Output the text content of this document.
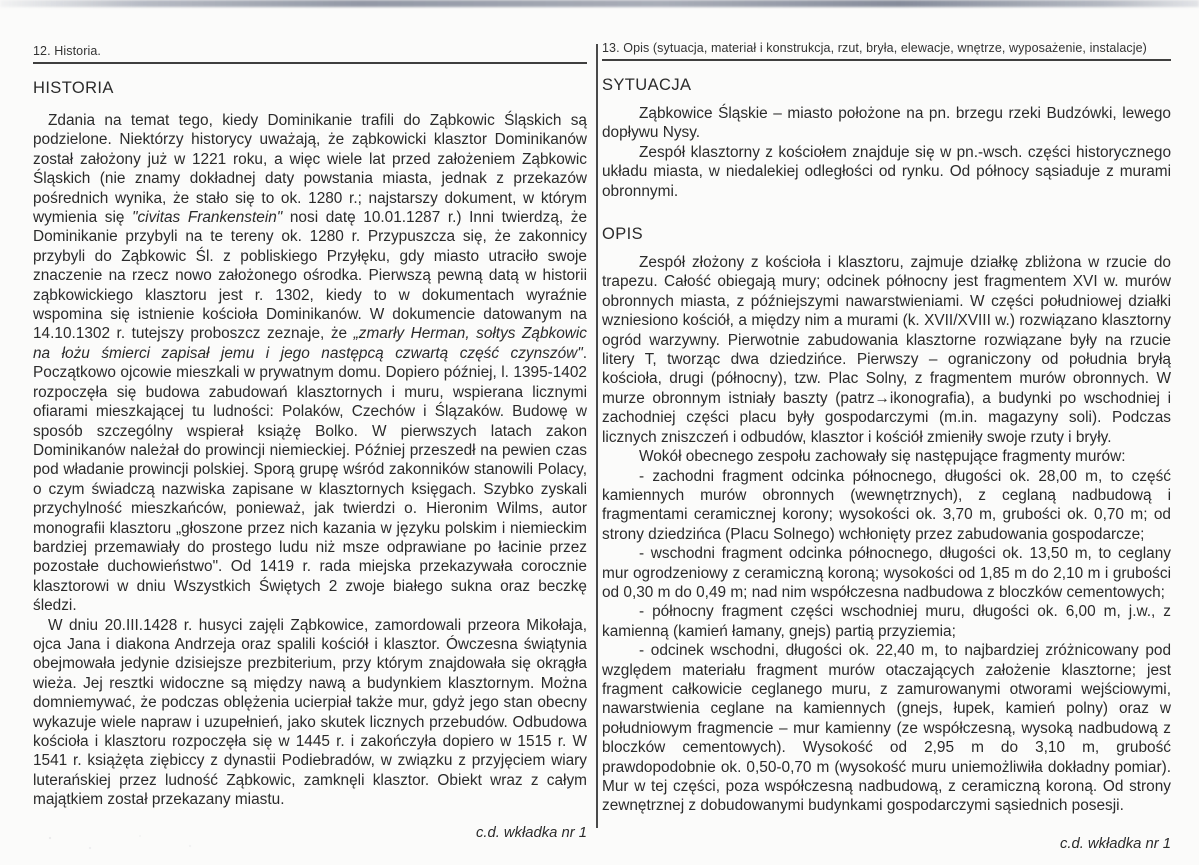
12. Historia.
HISTORIA

Zdania na temat tego, kiedy Dominikanie trafili do Ząbkowic Śląskich są podzielone. Niektórzy historycy uważają, że ząbkowicki klasztor Dominikanów został założony już w 1221 roku, a więc wiele lat przed założeniem Ząbkowic Śląskich (nie znamy dokładnej daty powstania miasta, jednak z przekazów pośrednich wynika, że stało się to ok. 1280 r.; najstarszy dokument, w którym wymienia się "civitas Frankenstein" nosi datę 10.01.1287 r.) Inni twierdzą, że Dominikanie przybyli na te tereny ok. 1280 r. Przypuszcza się, że zakonnicy przybyli do Ząbkowic Śl. z pobliskiego Przyłęku, gdy miasto utraciło swoje znaczenie na rzecz nowo założonego ośrodka. Pierwszą pewną datą w historii ząbkowickiego klasztoru jest r. 1302, kiedy to w dokumentach wyraźnie wspomina się istnienie kościoła Dominikanów. W dokumencie datowanym na 14.10.1302 r. tutejszy proboszcz zeznaje, że „zmarły Herman, sołtys Ząbkowic na łożu śmierci zapisał jemu i jego następcą czwartą część czynszów". Początkowo ojcowie mieszkali w prywatnym domu. Dopiero później, l. 1395-1402 rozpoczęła się budowa zabudowań klasztornych i muru, wspierana licznymi ofiarami mieszkającej tu ludności: Polaków, Czechów i Ślązaków. Budowę w sposób szczególny wspierał książę Bolko. W pierwszych latach zakon Dominikanów należał do prowincji niemieckiej. Później przeszedł na pewien czas pod władanie prowincji polskiej. Sporą grupę wśród zakonników stanowili Polacy, o czym świadczą nazwiska zapisane w klasztornych księgach. Szybko zyskali przychylność mieszkańców, ponieważ, jak twierdzi o. Hieronim Wilms, autor monografii klasztoru „głoszone przez nich kazania w języku polskim i niemieckim bardziej przemawiały do prostego ludu niż msze odprawiane po łacinie przez pozostałe duchowieństwo". Od 1419 r. rada miejska przekazywała corocznie klasztorowi w dniu Wszystkich Świętych 2 zwoje białego sukna oraz beczkę śledzi.

W dniu 20.III.1428 r. husyci zajęli Ząbkowice, zamordowali przeora Mikołaja, ojca Jana i diakona Andrzeja oraz spalili kościół i klasztor. Ówczesna świątynia obejmowała jedynie dzisiejsze prezbiterium, przy którym znajdowała się okrągła wieża. Jej resztki widoczne są między nawą a budynkiem klasztornym. Można domniemywać, że podczas oblężenia ucierpiał także mur, gdyż jego stan obecny wykazuje wiele napraw i uzupełnień, jako skutek licznych przebudów. Odbudowa kościoła i klasztoru rozpoczęła się w 1445 r. i zakończyła dopiero w 1515 r. W 1541 r. książęta ziębiccy z dynastii Podiebradów, w związku z przyjęciem wiary luterańskiej przez ludność Ząbkowic, zamknęli klasztor. Obiekt wraz z całym majątkiem został przekazany miastu.

c.d. wkładka nr 1
13. Opis (sytuacja, materiał i konstrukcja, rzut, bryła, elewacje, wnętrze, wyposażenie, instalacje)
SYTUACJA

Ząbkowice Śląskie – miasto położone na pn. brzegu rzeki Budzówki, lewego dopływu Nysy.

Zespół klasztorny z kościołem znajduje się w pn.-wsch. części historycznego układu miasta, w niedalekiej odległości od rynku. Od północy sąsiaduje z murami obronnymi.

OPIS

Zespół złożony z kościoła i klasztoru, zajmuje działkę zbliżona w rzucie do trapezu. Całość obiegają mury; odcinek północny jest fragmentem XVI w. murów obronnych miasta, z późniejszymi nawarstwieniami. W części południowej działki wzniesiono kościół, a między nim a murami (k. XVII/XVIII w.) rozwiązano klasztorny ogród warzywny. Pierwotnie zabudowania klasztorne rozwiązane były na rzucie litery T, tworząc dwa dziedzińce. Pierwszy – ograniczony od południa bryłą kościoła, drugi (północny), tzw. Plac Solny, z fragmentem murów obronnych. W murze obronnym istniały baszty (patrz→ikonografia), a budynki po wschodniej i zachodniej części placu były gospodarczymi (m.in. magazyny soli). Podczas licznych zniszczeń i odbudów, klasztor i kościół zmieniły swoje rzuty i bryły.

Wokół obecnego zespołu zachowały się następujące fragmenty murów:

- zachodni fragment odcinka północnego, długości ok. 28,00 m, to część kamiennych murów obronnych (wewnętrznych), z ceglaną nadbudową i fragmentami ceramicznej korony; wysokości ok. 3,70 m, grubości ok. 0,70 m; od strony dziedzińca (Placu Solnego) wchłonięty przez zabudowania gospodarcze;

- wschodni fragment odcinka północnego, długości ok. 13,50 m, to ceglany mur ogrodzeniowy z ceramiczną koroną; wysokości od 1,85 m do 2,10 m i grubości od 0,30 m do 0,49 m; nad nim współczesna nadbudowa z bloczków cementowych;

- północny fragment części wschodniej muru, długości ok. 6,00 m, j.w., z kamienną (kamień łamany, gnejs) partią przyziemia;

- odcinek wschodni, długości ok. 22,40 m, to najbardziej zróżnicowany pod względem materiału fragment murów otaczających założenie klasztorne; jest fragment całkowicie ceglanego muru, z zamurowanymi otworami wejściowymi, nawarstwienia ceglane na kamiennych (gnejs, łupek, kamień polny) oraz w południowym fragmencie – mur kamienny (ze współczesną, wysoką nadbudową z bloczków cementowych). Wysokość od 2,95 m do 3,10 m, grubość prawdopodobnie ok. 0,50-0,70 m (wysokość muru uniemożliwiła dokładny pomiar). Mur w tej części, poza współczesną nadbudową, z ceramiczną koroną. Od strony zewnętrznej z dobudowanymi budynkami gospodarczymi sąsiednich posesji.

c.d. wkładka nr 1
